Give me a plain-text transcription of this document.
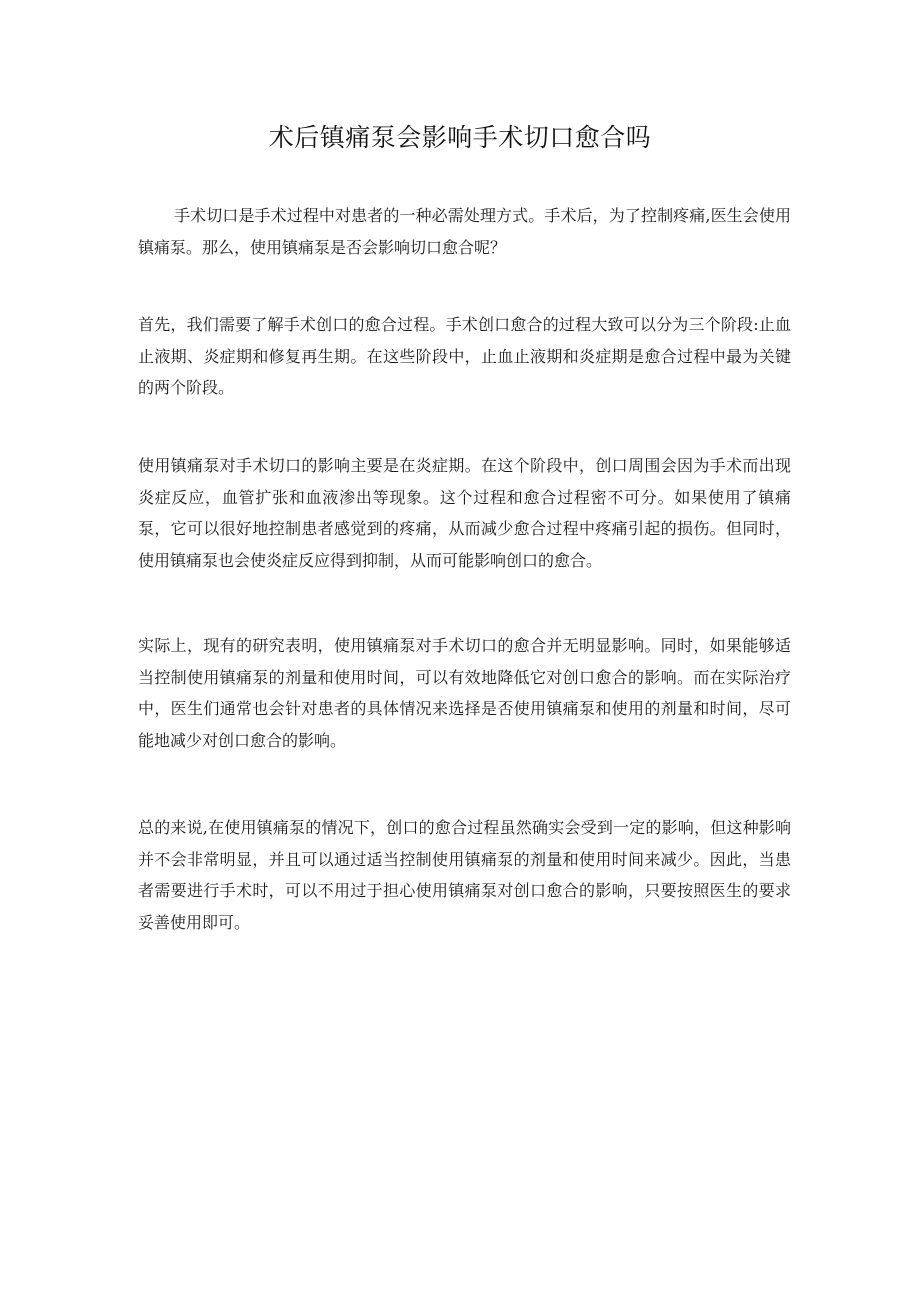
术后镇痛泵会影响手术切口愈合吗

手术切口是手术过程中对患者的一种必需处理方式。手术后，为了控制疼痛,医生会使用镇痛泵。那么，使用镇痛泵是否会影响切口愈合呢？

首先，我们需要了解手术创口的愈合过程。手术创口愈合的过程大致可以分为三个阶段:止血止液期、炎症期和修复再生期。在这些阶段中，止血止液期和炎症期是愈合过程中最为关键的两个阶段。

使用镇痛泵对手术切口的影响主要是在炎症期。在这个阶段中，创口周围会因为手术而出现炎症反应，血管扩张和血液渗出等现象。这个过程和愈合过程密不可分。如果使用了镇痛泵，它可以很好地控制患者感觉到的疼痛，从而减少愈合过程中疼痛引起的损伤。但同时，使用镇痛泵也会使炎症反应得到抑制，从而可能影响创口的愈合。

实际上，现有的研究表明，使用镇痛泵对手术切口的愈合并无明显影响。同时，如果能够适当控制使用镇痛泵的剂量和使用时间，可以有效地降低它对创口愈合的影响。而在实际治疗中，医生们通常也会针对患者的具体情况来选择是否使用镇痛泵和使用的剂量和时间，尽可能地减少对创口愈合的影响。

总的来说,在使用镇痛泵的情况下，创口的愈合过程虽然确实会受到一定的影响，但这种影响并不会非常明显，并且可以通过适当控制使用镇痛泵的剂量和使用时间来减少。因此，当患者需要进行手术时，可以不用过于担心使用镇痛泵对创口愈合的影响，只要按照医生的要求妥善使用即可。
